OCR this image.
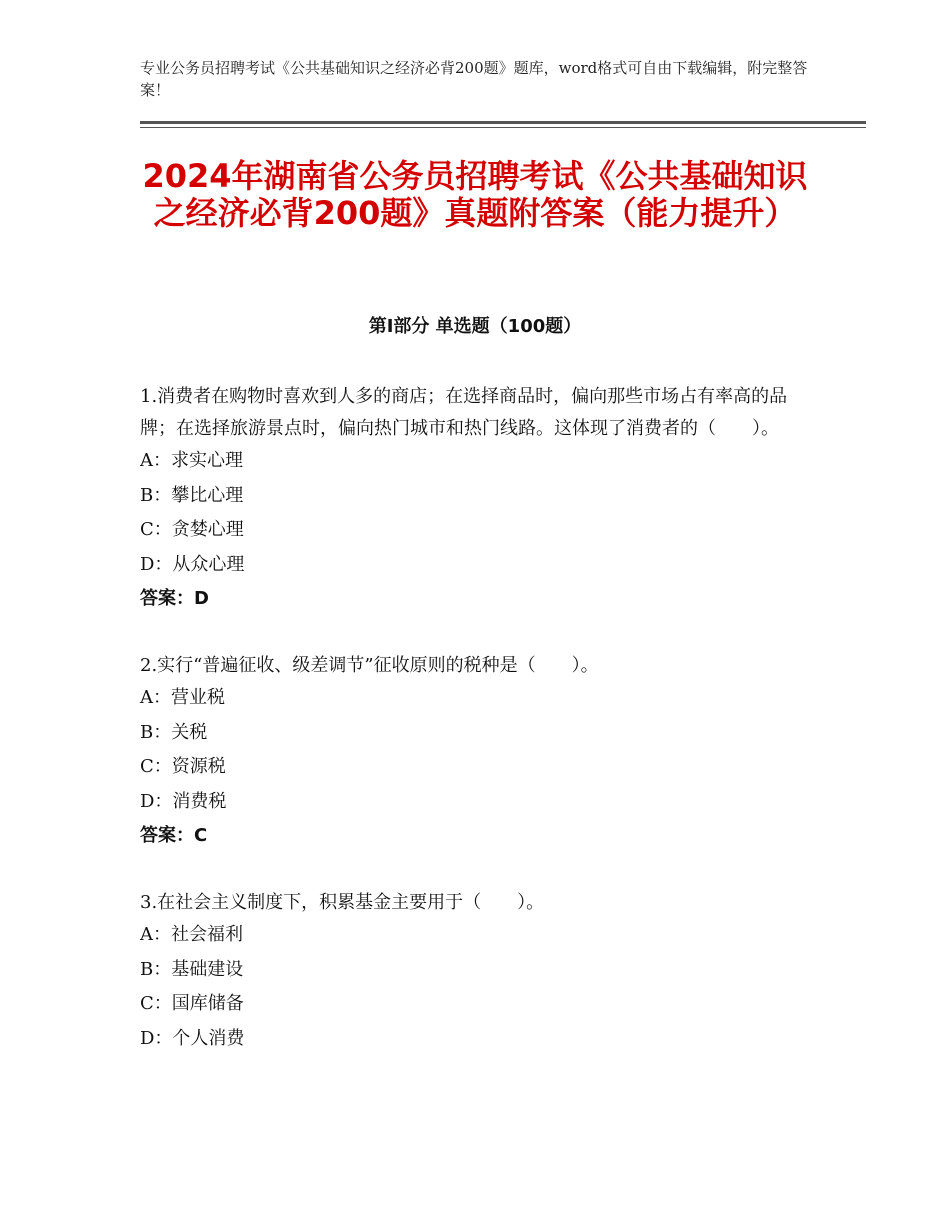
专业公务员招聘考试《公共基础知识之经济必背200题》题库，word格式可自由下载编辑，附完整答案！
2024年湖南省公务员招聘考试《公共基础知识之经济必背200题》真题附答案（能力提升）
第I部分 单选题（100题）

1.消费者在购物时喜欢到人多的商店；在选择商品时，偏向那些市场占有率高的品牌；在选择旅游景点时，偏向热门城市和热门线路。这体现了消费者的（　　）。

A：求实心理

B：攀比心理

C：贪婪心理

D：从众心理

答案：D

2.实行“普遍征收、级差调节”征收原则的税种是（　　）。

A：营业税

B：关税

C：资源税

D：消费税

答案：C

3.在社会主义制度下，积累基金主要用于（　　）。

A：社会福利

B：基础建设

C：国库储备

D：个人消费
